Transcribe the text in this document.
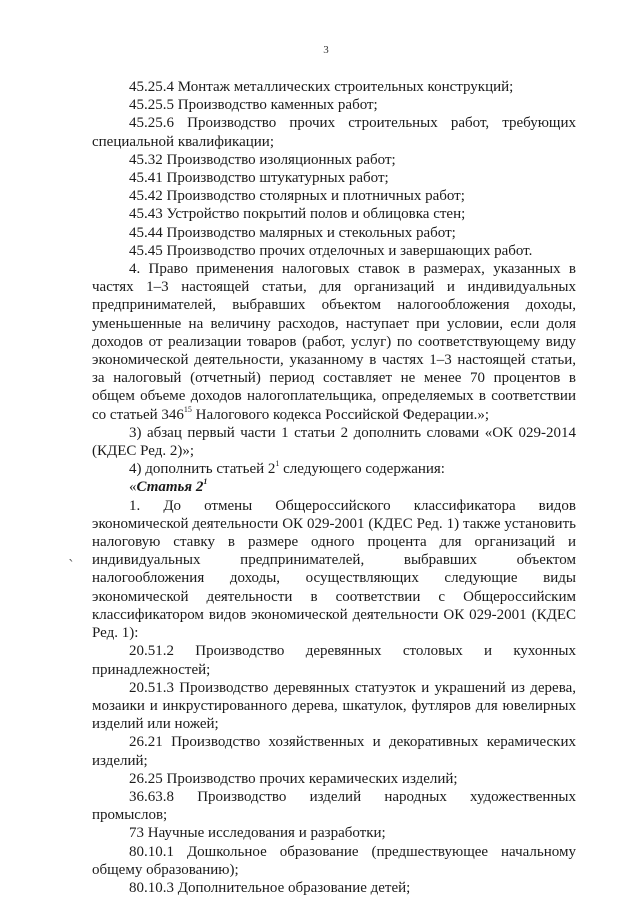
3
ˎ

45.25.4 Монтаж металлических строительных конструкций;

45.25.5 Производство каменных работ;

45.25.6 Производство прочих строительных работ, требующих специальной квалификации;

45.32 Производство изоляционных работ;

45.41 Производство штукатурных работ;

45.42 Производство столярных и плотничных работ;

45.43 Устройство покрытий полов и облицовка стен;

45.44 Производство малярных и стекольных работ;

45.45 Производство прочих отделочных и завершающих работ.

4. Право применения налоговых ставок в размерах, указанных в частях 1–3 настоящей статьи, для организаций и индивидуальных предпринимателей, выбравших объектом налогообложения доходы, уменьшенные на величину расходов, наступает при условии, если доля доходов от реализации товаров (работ, услуг) по соответствующему виду экономической деятельности, указанному в частях 1–3 настоящей статьи, за налоговый (отчетный) период составляет не менее 70 процентов в общем объеме доходов налогоплательщика, определяемых в соответствии со статьей $346^{15}$ Налогового кодекса Российской Федерации.»;

3) абзац первый части 1 статьи 2 дополнить словами «ОК 029-2014 (КДЕС Ред. 2)»;

4) дополнить статьей $2^1$ следующего содержания:

«Статья $2^1$

1. До отмены Общероссийского классификатора видов экономической деятельности ОК 029-2001 (КДЕС Ред. 1) также установить налоговую ставку в размере одного процента для организаций и индивидуальных предпринимателей, выбравших объектом налогообложения доходы, осуществляющих следующие виды экономической деятельности в соответствии с Общероссийским классификатором видов экономической деятельности ОК 029-2001 (КДЕС Ред. 1):

20.51.2 Производство деревянных столовых и кухонных принадлежностей;

20.51.3 Производство деревянных статуэток и украшений из дерева, мозаики и инкрустированного дерева, шкатулок, футляров для ювелирных изделий или ножей;

26.21 Производство хозяйственных и декоративных керамических изделий;

26.25 Производство прочих керамических изделий;

36.63.8 Производство изделий народных художественных промыслов;

73 Научные исследования и разработки;

80.10.1 Дошкольное образование (предшествующее начальному общему образованию);

80.10.3 Дополнительное образование детей;
